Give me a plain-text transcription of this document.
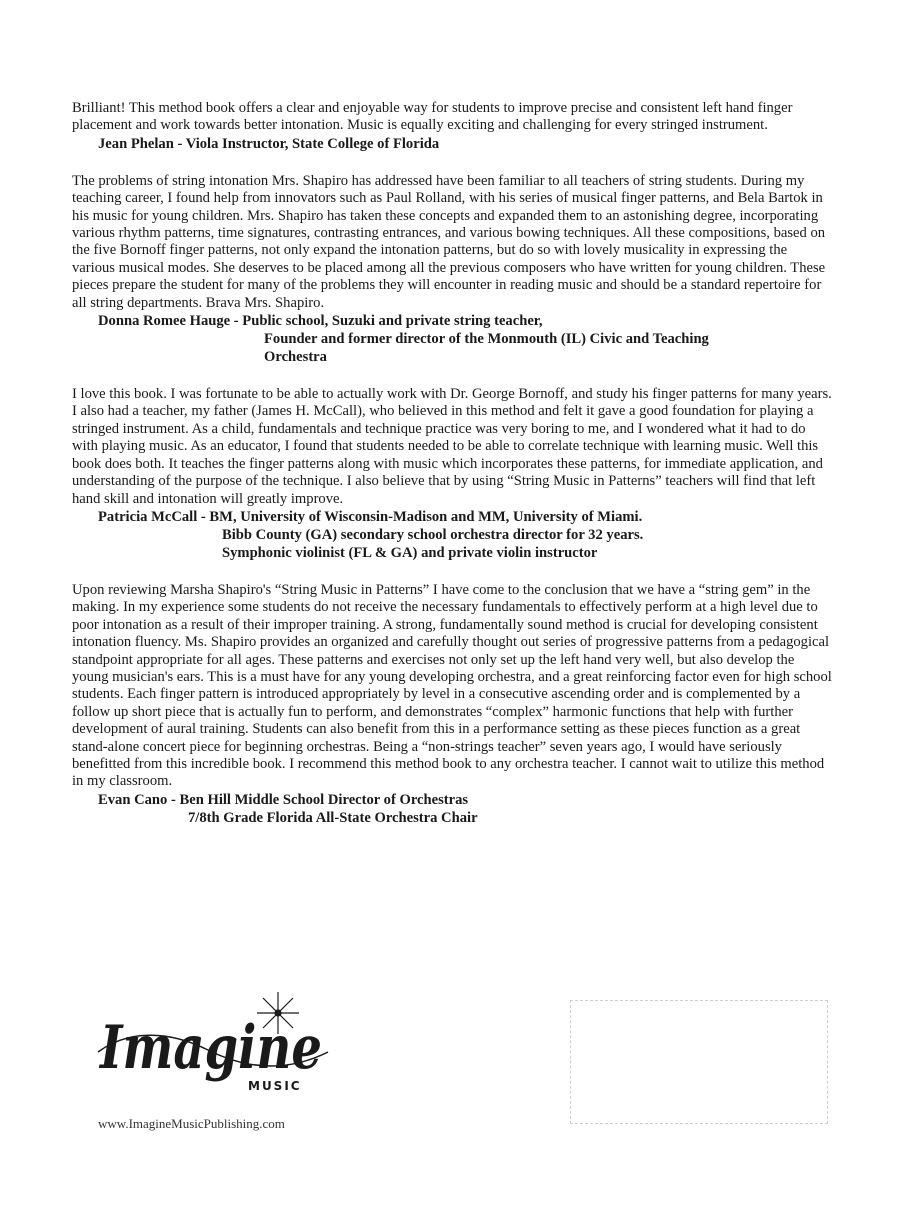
Brilliant! This method book offers a clear and enjoyable way for students to improve precise and consistent left hand finger placement and work towards better intonation. Music is equally exciting and challenging for every stringed instrument.

Jean Phelan - Viola Instructor, State College of Florida

The problems of string intonation Mrs. Shapiro has addressed have been familiar to all teachers of string students. During my teaching career, I found help from innovators such as Paul Rolland, with his series of musical finger patterns, and Bela Bartok in his music for young children. Mrs. Shapiro has taken these concepts and expanded them to an astonishing degree, incorporating various rhythm patterns, time signatures, contrasting entrances, and various bowing techniques. All these compositions, based on the five Bornoff finger patterns, not only expand the intonation patterns, but do so with lovely musicality in expressing the various musical modes. She deserves to be placed among all the previous composers who have written for young children. These pieces prepare the student for many of the problems they will encounter in reading music and should be a standard repertoire for all string departments. Brava Mrs. Shapiro.

Donna Romee Hauge - Public school, Suzuki and private string teacher,
Founder and former director of the Monmouth (IL) Civic and Teaching
Orchestra

I love this book. I was fortunate to be able to actually work with Dr. George Bornoff, and study his finger patterns for many years. I also had a teacher, my father (James H. McCall), who believed in this method and felt it gave a good foundation for playing a stringed instrument. As a child, fundamentals and technique practice was very boring to me, and I wondered what it had to do with playing music. As an educator, I found that students needed to be able to correlate technique with learning music. Well this book does both. It teaches the finger patterns along with music which incorporates these patterns, for immediate application, and understanding of the purpose of the technique. I also believe that by using “String Music in Patterns” teachers will find that left hand skill and intonation will greatly improve.

Patricia McCall - BM, University of Wisconsin-Madison and MM, University of Miami.
Bibb County (GA) secondary school orchestra director for 32 years.
Symphonic violinist (FL & GA) and private violin instructor

Upon reviewing Marsha Shapiro's “String Music in Patterns” I have come to the conclusion that we have a “string gem” in the making. In my experience some students do not receive the necessary fundamentals to effectively perform at a high level due to poor intonation as a result of their improper training. A strong, fundamentally sound method is crucial for developing consistent intonation fluency. Ms. Shapiro provides an organized and carefully thought out series of progressive patterns from a pedagogical standpoint appropriate for all ages. These patterns and exercises not only set up the left hand very well, but also develop the young musician's ears. This is a must have for any young developing orchestra, and a great reinforcing factor even for high school students. Each finger pattern is introduced appropriately by level in a consecutive ascending order and is complemented by a follow up short piece that is actually fun to perform, and demonstrates “complex” harmonic functions that help with further development of aural training. Students can also benefit from this in a performance setting as these pieces function as a great stand-alone concert piece for beginning orchestras. Being a “non-strings teacher” seven years ago, I would have seriously benefitted from this incredible book. I recommend this method book to any orchestra teacher. I cannot wait to utilize this method in my classroom.

Evan Cano - Ben Hill Middle School Director of Orchestras
7/8th Grade Florida All-State Orchestra Chair
Imagine
MUSIC
www.ImagineMusicPublishing.com
